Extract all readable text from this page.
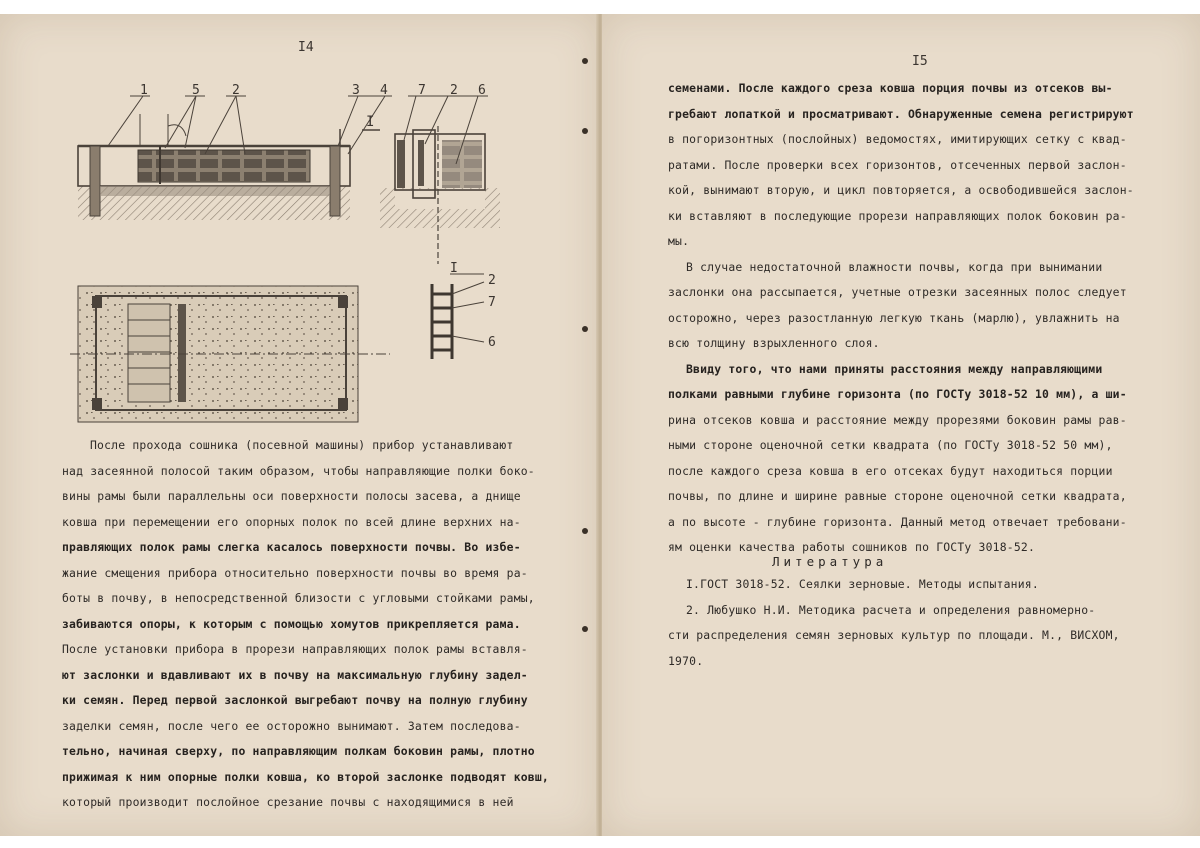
I4
1	5 2	3 4
I
7 2 6
I
2
7
6
После прохода сошника (посевной машины) прибор устанавливают
над засеянной полосой таким образом, чтобы направляющие полки боко-
вины рамы были параллельны оси поверхности полосы засева, а днище
ковша при перемещении его опорных полок по всей длине верхних на-
правляющих полок рамы слегка касалось поверхности почвы. Во избе-
жание смещения прибора относительно поверхности почвы во время ра-
боты в почву, в непосредственной близости с угловыми стойками рамы,
забиваются опоры, к которым с помощью хомутов прикрепляется рама.
После установки прибора в прорези направляющих полок рамы вставля-
ют заслонки и вдавливают их в почву на максимальную глубину задел-
ки семян. Перед первой заслонкой выгребают почву на полную глубину
заделки семян, после чего ее осторожно вынимают. Затем последова-
тельно, начиная сверху, по направляющим полкам боковин рамы, плотно
прижимая к ним опорные полки ковша, ко второй заслонке подводят ковш,
который производит послойное срезание почвы с находящимися в ней
I5
семенами. После каждого среза ковша порция почвы из отсеков вы-
гребают лопаткой и просматривают. Обнаруженные семена регистрируют
в погоризонтных (послойных) ведомостях, имитирующих сетку с квад-
ратами. После проверки всех горизонтов, отсеченных первой заслон-
кой, вынимают вторую, и цикл повторяется, а освободившейся заслон-
ки вставляют в последующие прорези направляющих полок боковин ра-
мы.
В случае недостаточной влажности почвы, когда при вынимании
заслонки она рассыпается, учетные отрезки засеянных полос следует
осторожно, через разостланную легкую ткань (марлю), увлажнить на
всю толщину взрыхленного слоя.
Ввиду того, что нами приняты расстояния между направляющими
полками равными глубине горизонта (по ГОСТу 3018-52 10 мм), а ши-
рина отсеков ковша и расстояние между прорезями боковин рамы рав-
ными стороне оценочной сетки квадрата (по ГОСТу 3018-52 50 мм),
после каждого среза ковша в его отсеках будут находиться порции
почвы, по длине и ширине равные стороне оценочной сетки квадрата,
а по высоте - глубине горизонта. Данный метод отвечает требовани-
ям оценки качества работы сошников по ГОСТу 3018-52.
Литература
I.ГОСТ 3018-52. Сеялки зерновые. Методы испытания.
2. Любушко Н.И. Методика расчета и определения равномерно-
сти распределения семян зерновых культур по площади. М., ВИСХОМ,
1970.
